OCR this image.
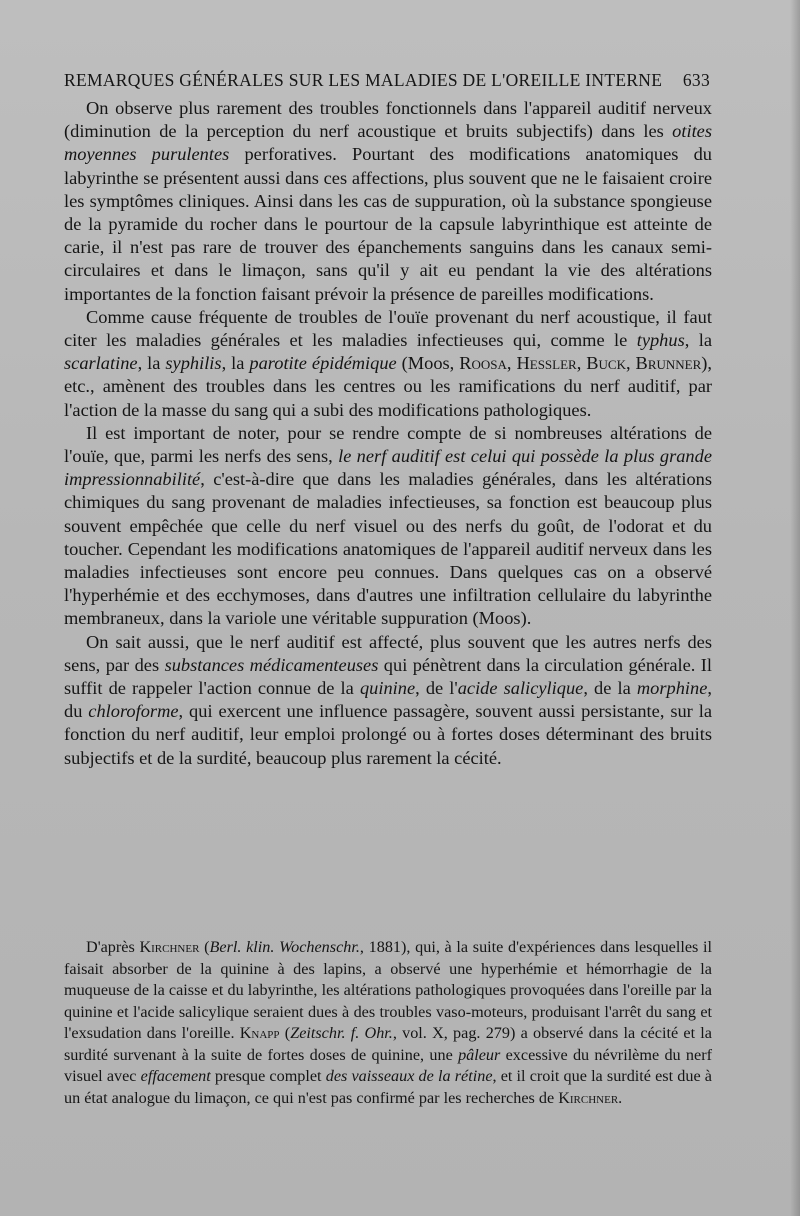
REMARQUES GÉNÉRALES SUR LES MALADIES DE L'OREILLE INTERNE 633

On observe plus rarement des troubles fonctionnels dans l'appareil auditif nerveux (diminution de la perception du nerf acoustique et bruits subjectifs) dans les otites moyennes purulentes perforatives. Pourtant des modifications anatomiques du labyrinthe se présentent aussi dans ces affections, plus souvent que ne le faisaient croire les symptômes cliniques. Ainsi dans les cas de suppuration, où la substance spongieuse de la pyramide du rocher dans le pourtour de la capsule labyrinthique est atteinte de carie, il n'est pas rare de trouver des épanchements sanguins dans les canaux semi-circulaires et dans le limaçon, sans qu'il y ait eu pendant la vie des altérations importantes de la fonction faisant prévoir la présence de pareilles modifications.

Comme cause fréquente de troubles de l'ouïe provenant du nerf acoustique, il faut citer les maladies générales et les maladies infectieuses qui, comme le typhus, la scarlatine, la syphilis, la parotite épidémique (Moos, Roosa, Hessler, Buck, Brunner), etc., amènent des troubles dans les centres ou les ramifications du nerf auditif, par l'action de la masse du sang qui a subi des modifications pathologiques.

Il est important de noter, pour se rendre compte de si nombreuses altérations de l'ouïe, que, parmi les nerfs des sens, le nerf auditif est celui qui possède la plus grande impressionnabilité, c'est-à-dire que dans les maladies générales, dans les altérations chimiques du sang provenant de maladies infectieuses, sa fonction est beaucoup plus souvent empêchée que celle du nerf visuel ou des nerfs du goût, de l'odorat et du toucher. Cependant les modifications anatomiques de l'appareil auditif nerveux dans les maladies infectieuses sont encore peu connues. Dans quelques cas on a observé l'hyperhémie et des ecchymoses, dans d'autres une infiltration cellulaire du labyrinthe membraneux, dans la variole une véritable suppuration (Moos).

On sait aussi, que le nerf auditif est affecté, plus souvent que les autres nerfs des sens, par des substances médicamenteuses qui pénètrent dans la circulation générale. Il suffit de rappeler l'action connue de la quinine, de l'acide salicylique, de la morphine, du chloroforme, qui exercent une influence passagère, souvent aussi persistante, sur la fonction du nerf auditif, leur emploi prolongé ou à fortes doses déterminant des bruits subjectifs et de la surdité, beaucoup plus rarement la cécité.

D'après Kirchner (Berl. klin. Wochenschr., 1881), qui, à la suite d'expériences dans lesquelles il faisait absorber de la quinine à des lapins, a observé une hyperhémie et hémorrhagie de la muqueuse de la caisse et du labyrinthe, les altérations pathologiques provoquées dans l'oreille par la quinine et l'acide salicylique seraient dues à des troubles vaso-moteurs, produisant l'arrêt du sang et l'exsudation dans l'oreille. Knapp (Zeitschr. f. Ohr., vol. X, pag. 279) a observé dans la cécité et la surdité survenant à la suite de fortes doses de quinine, une pâleur excessive du névrilème du nerf visuel avec effacement presque complet des vaisseaux de la rétine, et il croit que la surdité est due à un état analogue du limaçon, ce qui n'est pas confirmé par les recherches de Kirchner.
